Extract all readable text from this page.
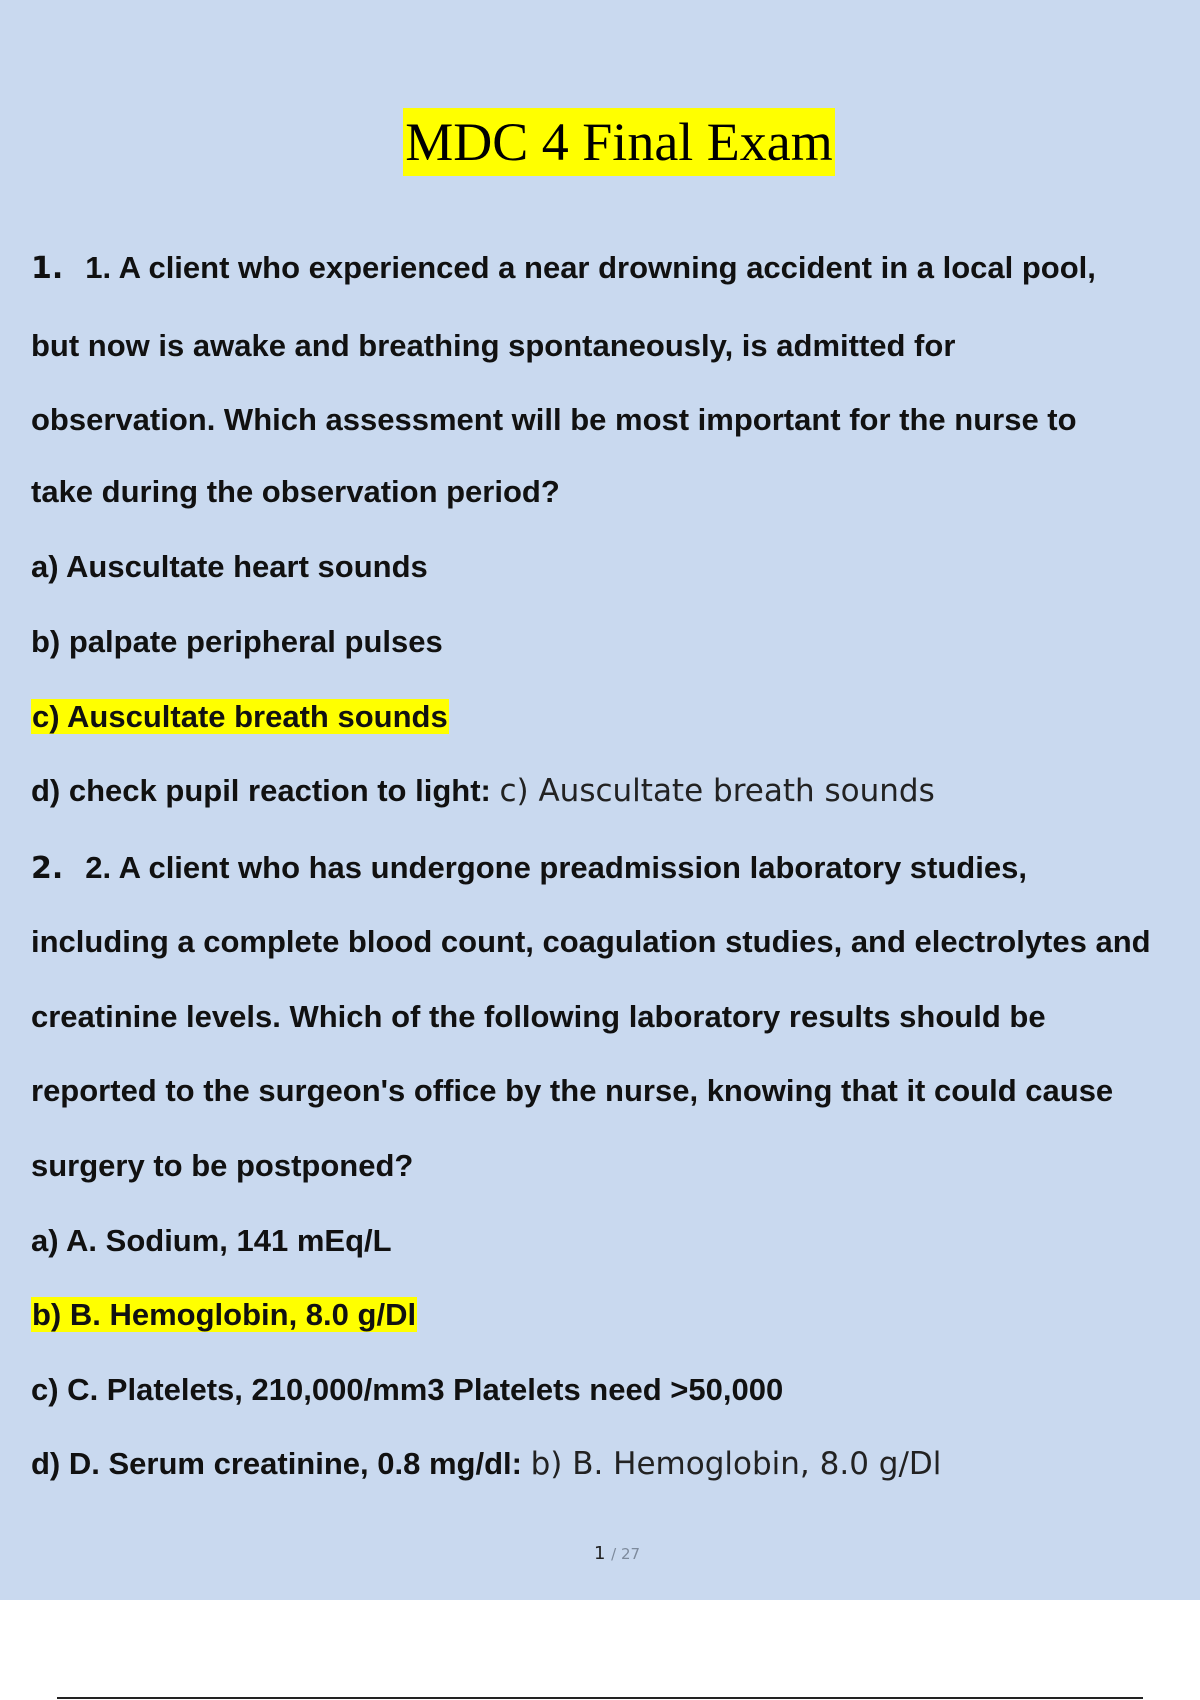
MDC 4 Final Exam
1. 1. A client who experienced a near drowning accident in a local pool,
but now is awake and breathing spontaneously, is admitted for
observation. Which assessment will be most important for the nurse to
take during the observation period?
a) Auscultate heart sounds
b) palpate peripheral pulses
c) Auscultate breath sounds
d) check pupil reaction to light: c) Auscultate breath sounds
2. 2. A client who has undergone preadmission laboratory studies,
including a complete blood count, coagulation studies, and electrolytes and
creatinine levels. Which of the following laboratory results should be
reported to the surgeon's office by the nurse, knowing that it could cause
surgery to be postponed?
a) A. Sodium, 141 mEq/L
b) B. Hemoglobin, 8.0 g/Dl
c) C. Platelets, 210,000/mm3 Platelets need >50,000
d) D. Serum creatinine, 0.8 mg/dl: b) B. Hemoglobin, 8.0 g/Dl
1 / 27
